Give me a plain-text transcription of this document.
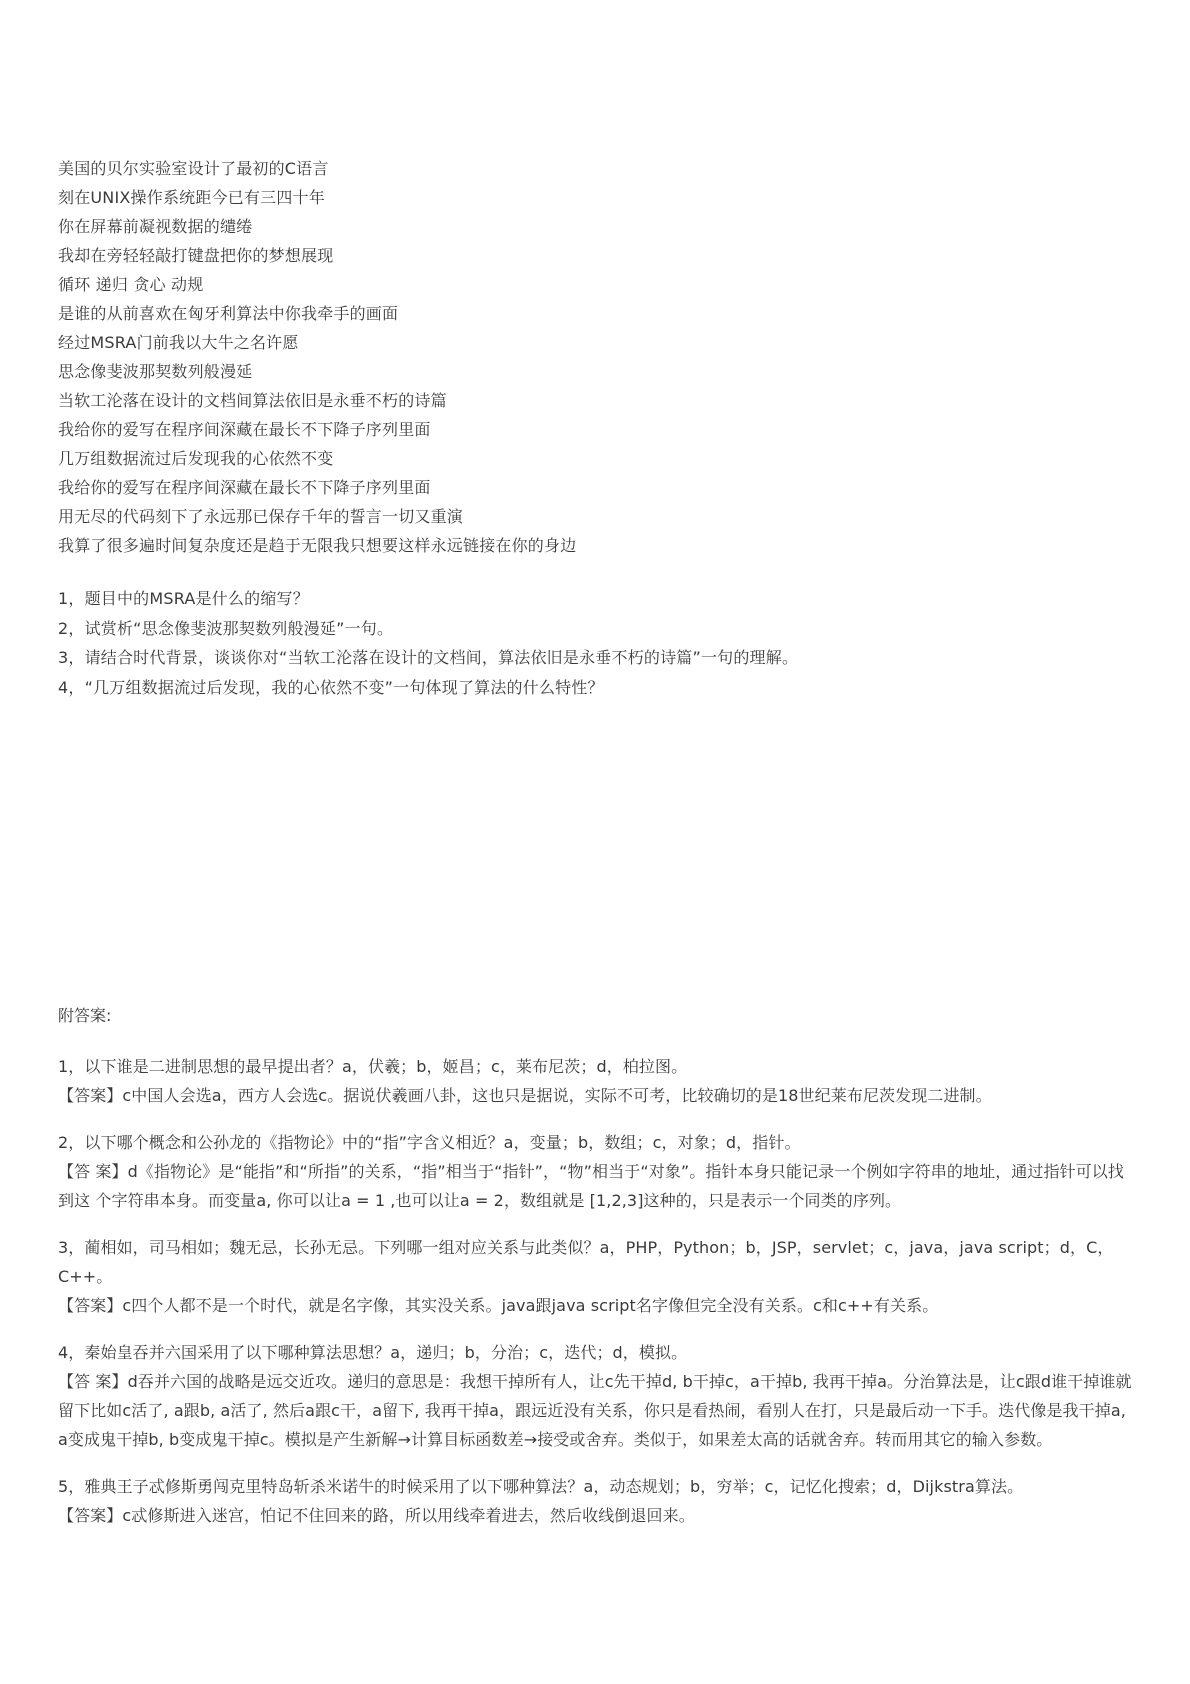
美国的贝尔实验室设计了最初的C语言
刻在UNIX操作系统距今已有三四十年
你在屏幕前凝视数据的缱绻
我却在旁轻轻敲打键盘把你的梦想展现
循环 递归 贪心 动规
是谁的从前喜欢在匈牙利算法中你我牵手的画面
经过MSRA门前我以大牛之名许愿
思念像斐波那契数列般漫延
当软工沦落在设计的文档间算法依旧是永垂不朽的诗篇
我给你的爱写在程序间深藏在最长不下降子序列里面
几万组数据流过后发现我的心依然不变
我给你的爱写在程序间深藏在最长不下降子序列里面
用无尽的代码刻下了永远那已保存千年的誓言一切又重演
我算了很多遍时间复杂度还是趋于无限我只想要这样永远链接在你的身边
1，题目中的MSRA是什么的缩写？
2，试赏析“思念像斐波那契数列般漫延”一句。
3，请结合时代背景，谈谈你对“当软工沦落在设计的文档间，算法依旧是永垂不朽的诗篇”一句的理解。
4，“几万组数据流过后发现，我的心依然不变”一句体现了算法的什么特性？
附答案:
1，以下谁是二进制思想的最早提出者？a，伏羲；b，姬昌；c，莱布尼茨；d，柏拉图。
【答案】c中国人会选a，西方人会选c。据说伏羲画八卦，这也只是据说，实际不可考，比较确切的是18世纪莱布尼茨发现二进制。
2，以下哪个概念和公孙龙的《指物论》中的“指”字含义相近？a，变量；b，数组；c，对象；d，指针。
【答 案】d《指物论》是“能指”和“所指”的关系，“指”相当于“指针”，“物”相当于“对象”。指针本身只能记录一个例如字符串的地址，通过指针可以找到这 个字符串本身。而变量a, 你可以让a = 1 ,也可以让a = 2，数组就是 [1,2,3]这种的，只是表示一个同类的序列。
3，蔺相如，司马相如；魏无忌，长孙无忌。下列哪一组对应关系与此类似？a，PHP，Python；b，JSP，servlet；c，java，java script；d，C，C++。
【答案】c四个人都不是一个时代，就是名字像，其实没关系。java跟java script名字像但完全没有关系。c和c++有关系。
4，秦始皇吞并六国采用了以下哪种算法思想？a，递归；b，分治；c，迭代；d，模拟。
【答 案】d吞并六国的战略是远交近攻。递归的意思是：我想干掉所有人，让c先干掉d, b干掉c，a干掉b, 我再干掉a。分治算法是，让c跟d谁干掉谁就留下比如c活了, a跟b, a活了, 然后a跟c干，a留下, 我再干掉a，跟远近没有关系，你只是看热闹，看别人在打，只是最后动一下手。迭代像是我干掉a, a变成鬼干掉b, b变成鬼干掉c。模拟是产生新解→计算目标函数差→接受或舍弃。类似于，如果差太高的话就舍弃。转而用其它的输入参数。
5，雅典王子忒修斯勇闯克里特岛斩杀米诺牛的时候采用了以下哪种算法？a，动态规划；b，穷举；c，记忆化搜索；d，Dijkstra算法。
【答案】c忒修斯进入迷宫，怕记不住回来的路，所以用线牵着进去，然后收线倒退回来。
